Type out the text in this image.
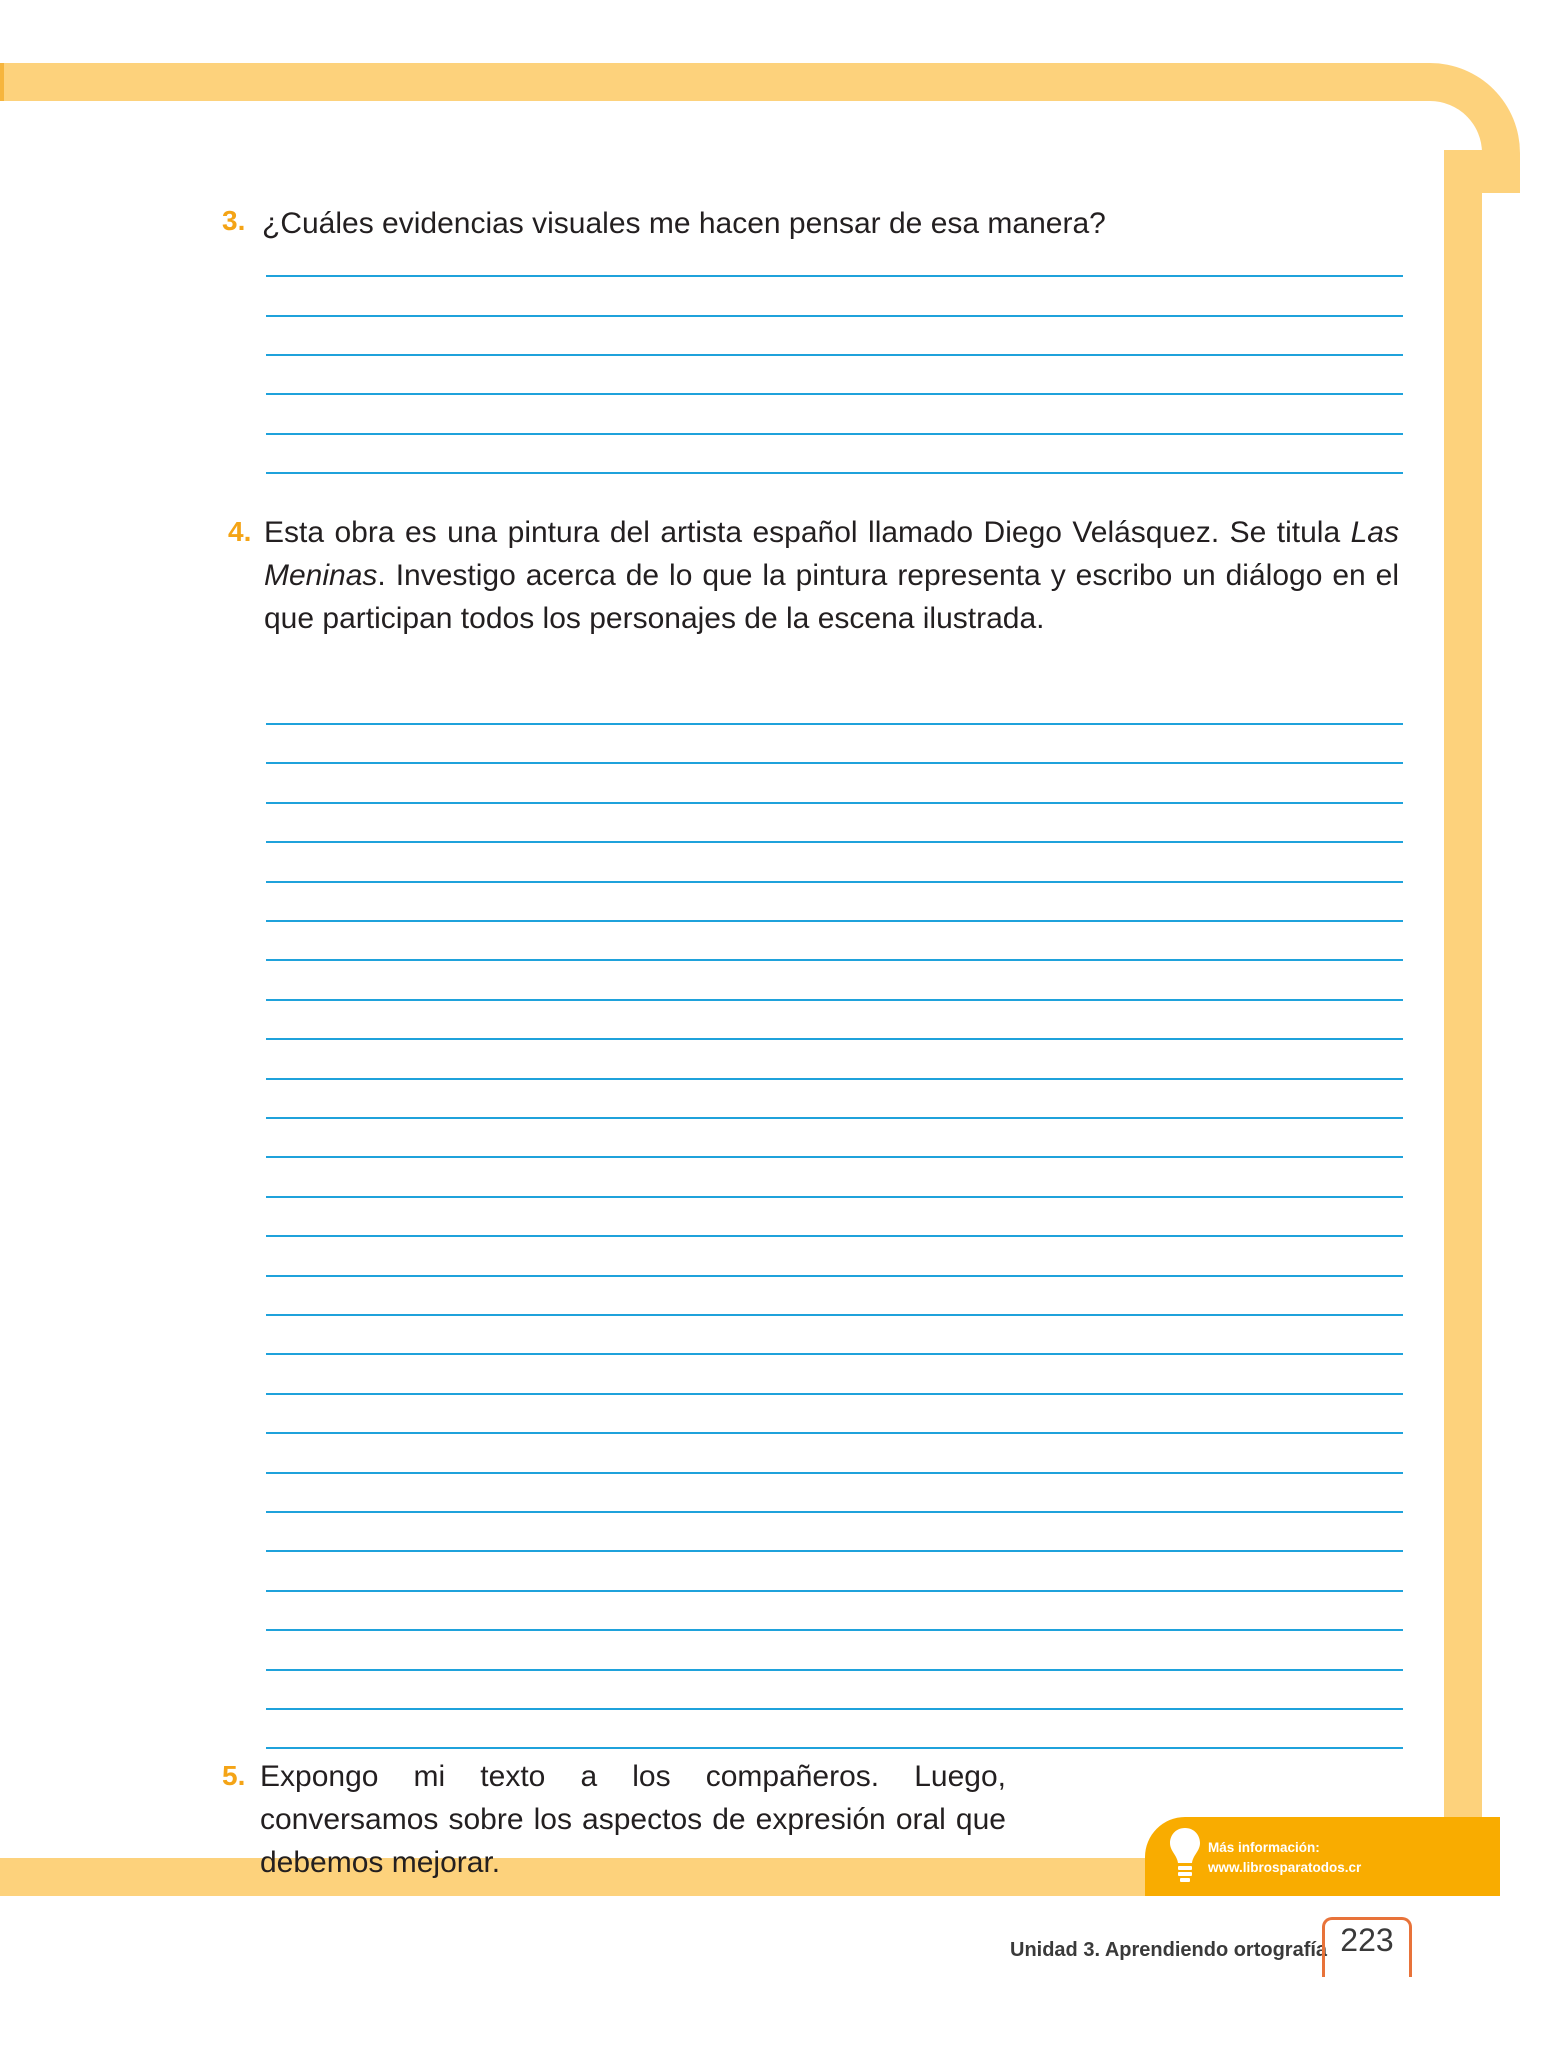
3. ¿Cuáles evidencias visuales me hacen pensar de esa manera?
4. Esta obra es una pintura del artista español llamado Diego Velásquez. Se titula Las Meninas. Investigo acerca de lo que la pintura representa y escribo un diálogo en el que participan todos los personajes de la escena ilustrada.
5. Expongo mi texto a los compañeros. Luego, conversamos sobre los aspectos de expresión oral que debemos mejorar.	Más información:
www.librosparatodos.cr
Unidad 3. Aprendiendo ortografía 223
